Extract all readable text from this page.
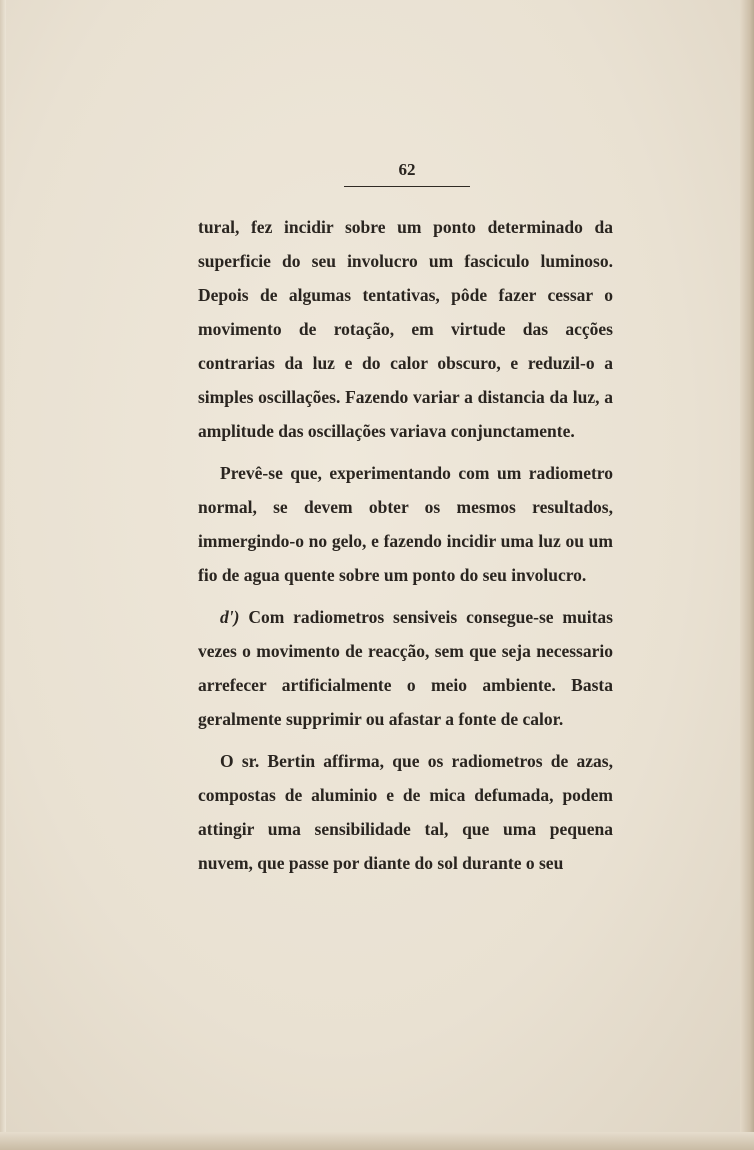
62

tural, fez incidir sobre um ponto determinado da superficie do seu involucro um fasciculo luminoso. Depois de algumas tentativas, pôde fazer cessar o movimento de rotação, em virtude das acções contrarias da luz e do calor obscuro, e reduzil-o a simples oscillações. Fazendo variar a distancia da luz, a amplitude das oscillações variava conjunctamente.

Prevê-se que, experimentando com um radiometro normal, se devem obter os mesmos resultados, immergindo-o no gelo, e fazendo incidir uma luz ou um fio de agua quente sobre um ponto do seu involucro.

d') Com radiometros sensiveis consegue-se muitas vezes o movimento de reacção, sem que seja necessario arrefecer artificialmente o meio ambiente. Basta geralmente supprimir ou afastar a fonte de calor.

O sr. Bertin affirma, que os radiometros de azas, compostas de aluminio e de mica defumada, podem attingir uma sensibilidade tal, que uma pequena nuvem, que passe por diante do sol durante o seu
